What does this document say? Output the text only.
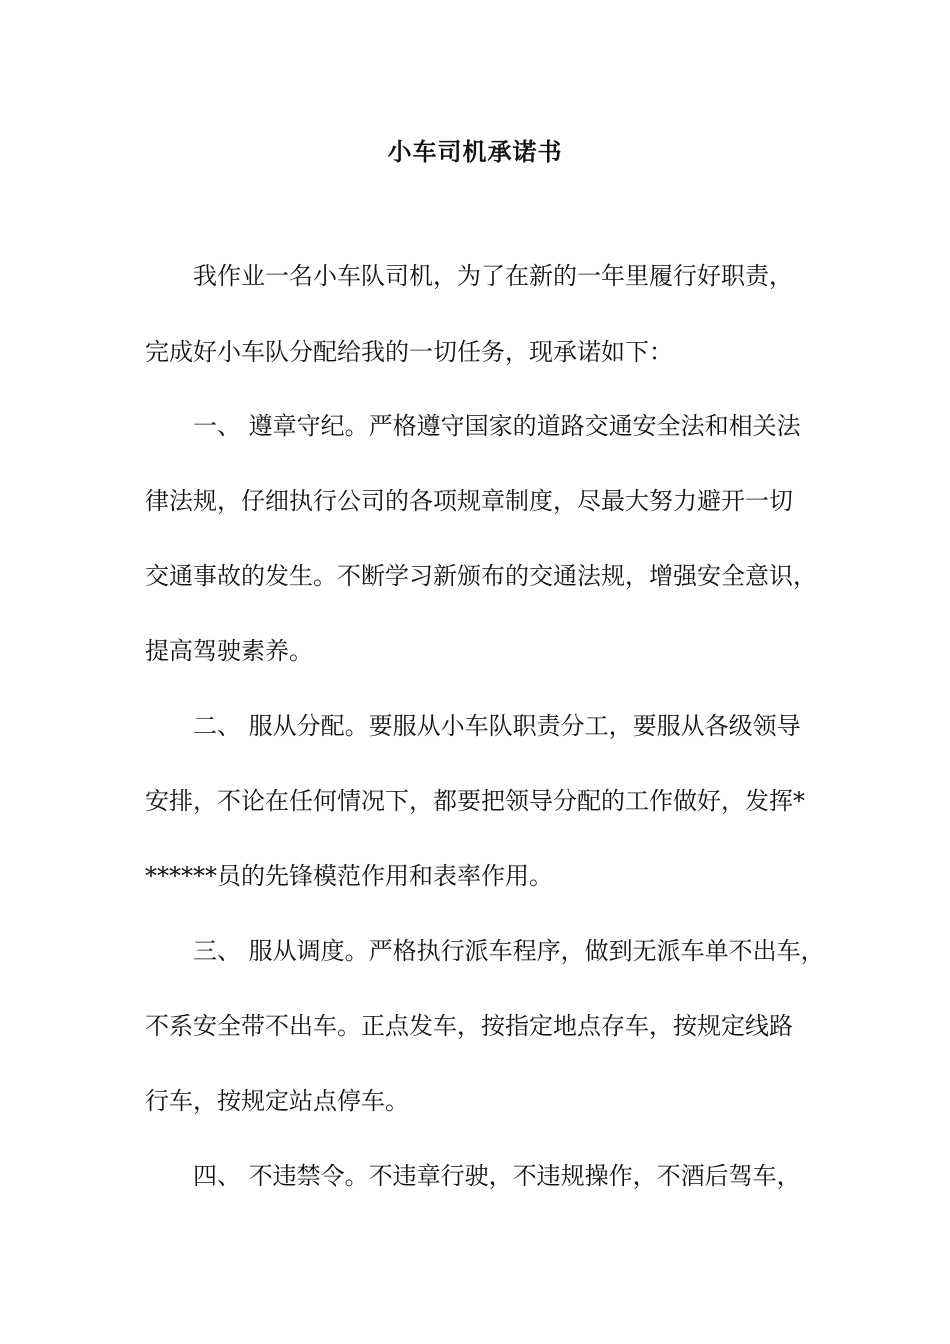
小车司机承诺书
我作业一名小车队司机，为了在新的一年里履行好职责，
完成好小车队分配给我的一切任务，现承诺如下：
一、 遵章守纪。严格遵守国家的道路交通安全法和相关法
律法规，仔细执行公司的各项规章制度，尽最大努力避开一切
交通事故的发生。不断学习新颁布的交通法规，增强安全意识，
提高驾驶素养。
二、 服从分配。要服从小车队职责分工，要服从各级领导
安排，不论在任何情况下，都要把领导分配的工作做好，发挥*
******员的先锋模范作用和表率作用。
三、 服从调度。严格执行派车程序，做到无派车单不出车，
不系安全带不出车。正点发车，按指定地点存车，按规定线路
行车，按规定站点停车。
四、 不违禁令。不违章行驶，不违规操作，不酒后驾车，
